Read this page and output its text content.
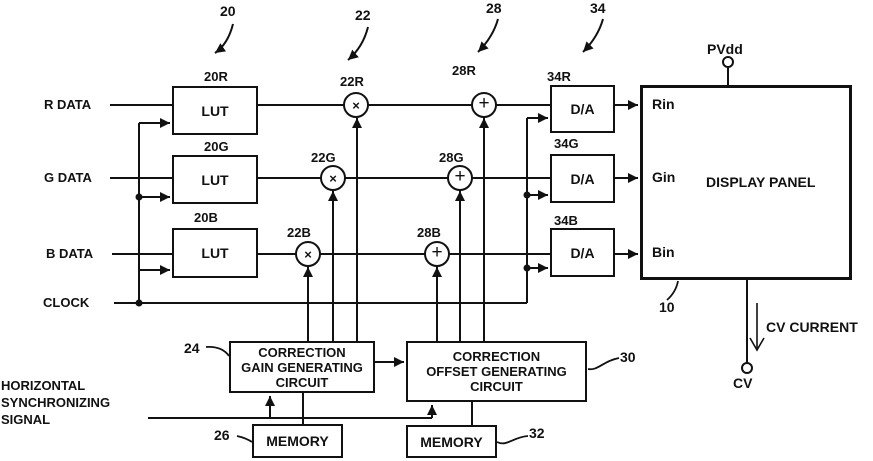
LUT
LUT
LUT
×
×
×
+
+
+
D/A
D/A
D/A
Rin
Gin
Bin
DISPLAY PANEL
PVdd
CV
CV CURRENT
CORRECTION
GAIN GENERATING
CIRCUIT
CORRECTION
OFFSET GENERATING
CIRCUIT
MEMORY	MEMORY
R DATA
G DATA
B DATA
CLOCK
HORIZONTAL
SYNCHRONIZING
SIGNAL
20	22	28	34
20R
20G
20B
22R
22G
22B
28R
28G
28B
34R
34G
34B
24
26
30
32
10
